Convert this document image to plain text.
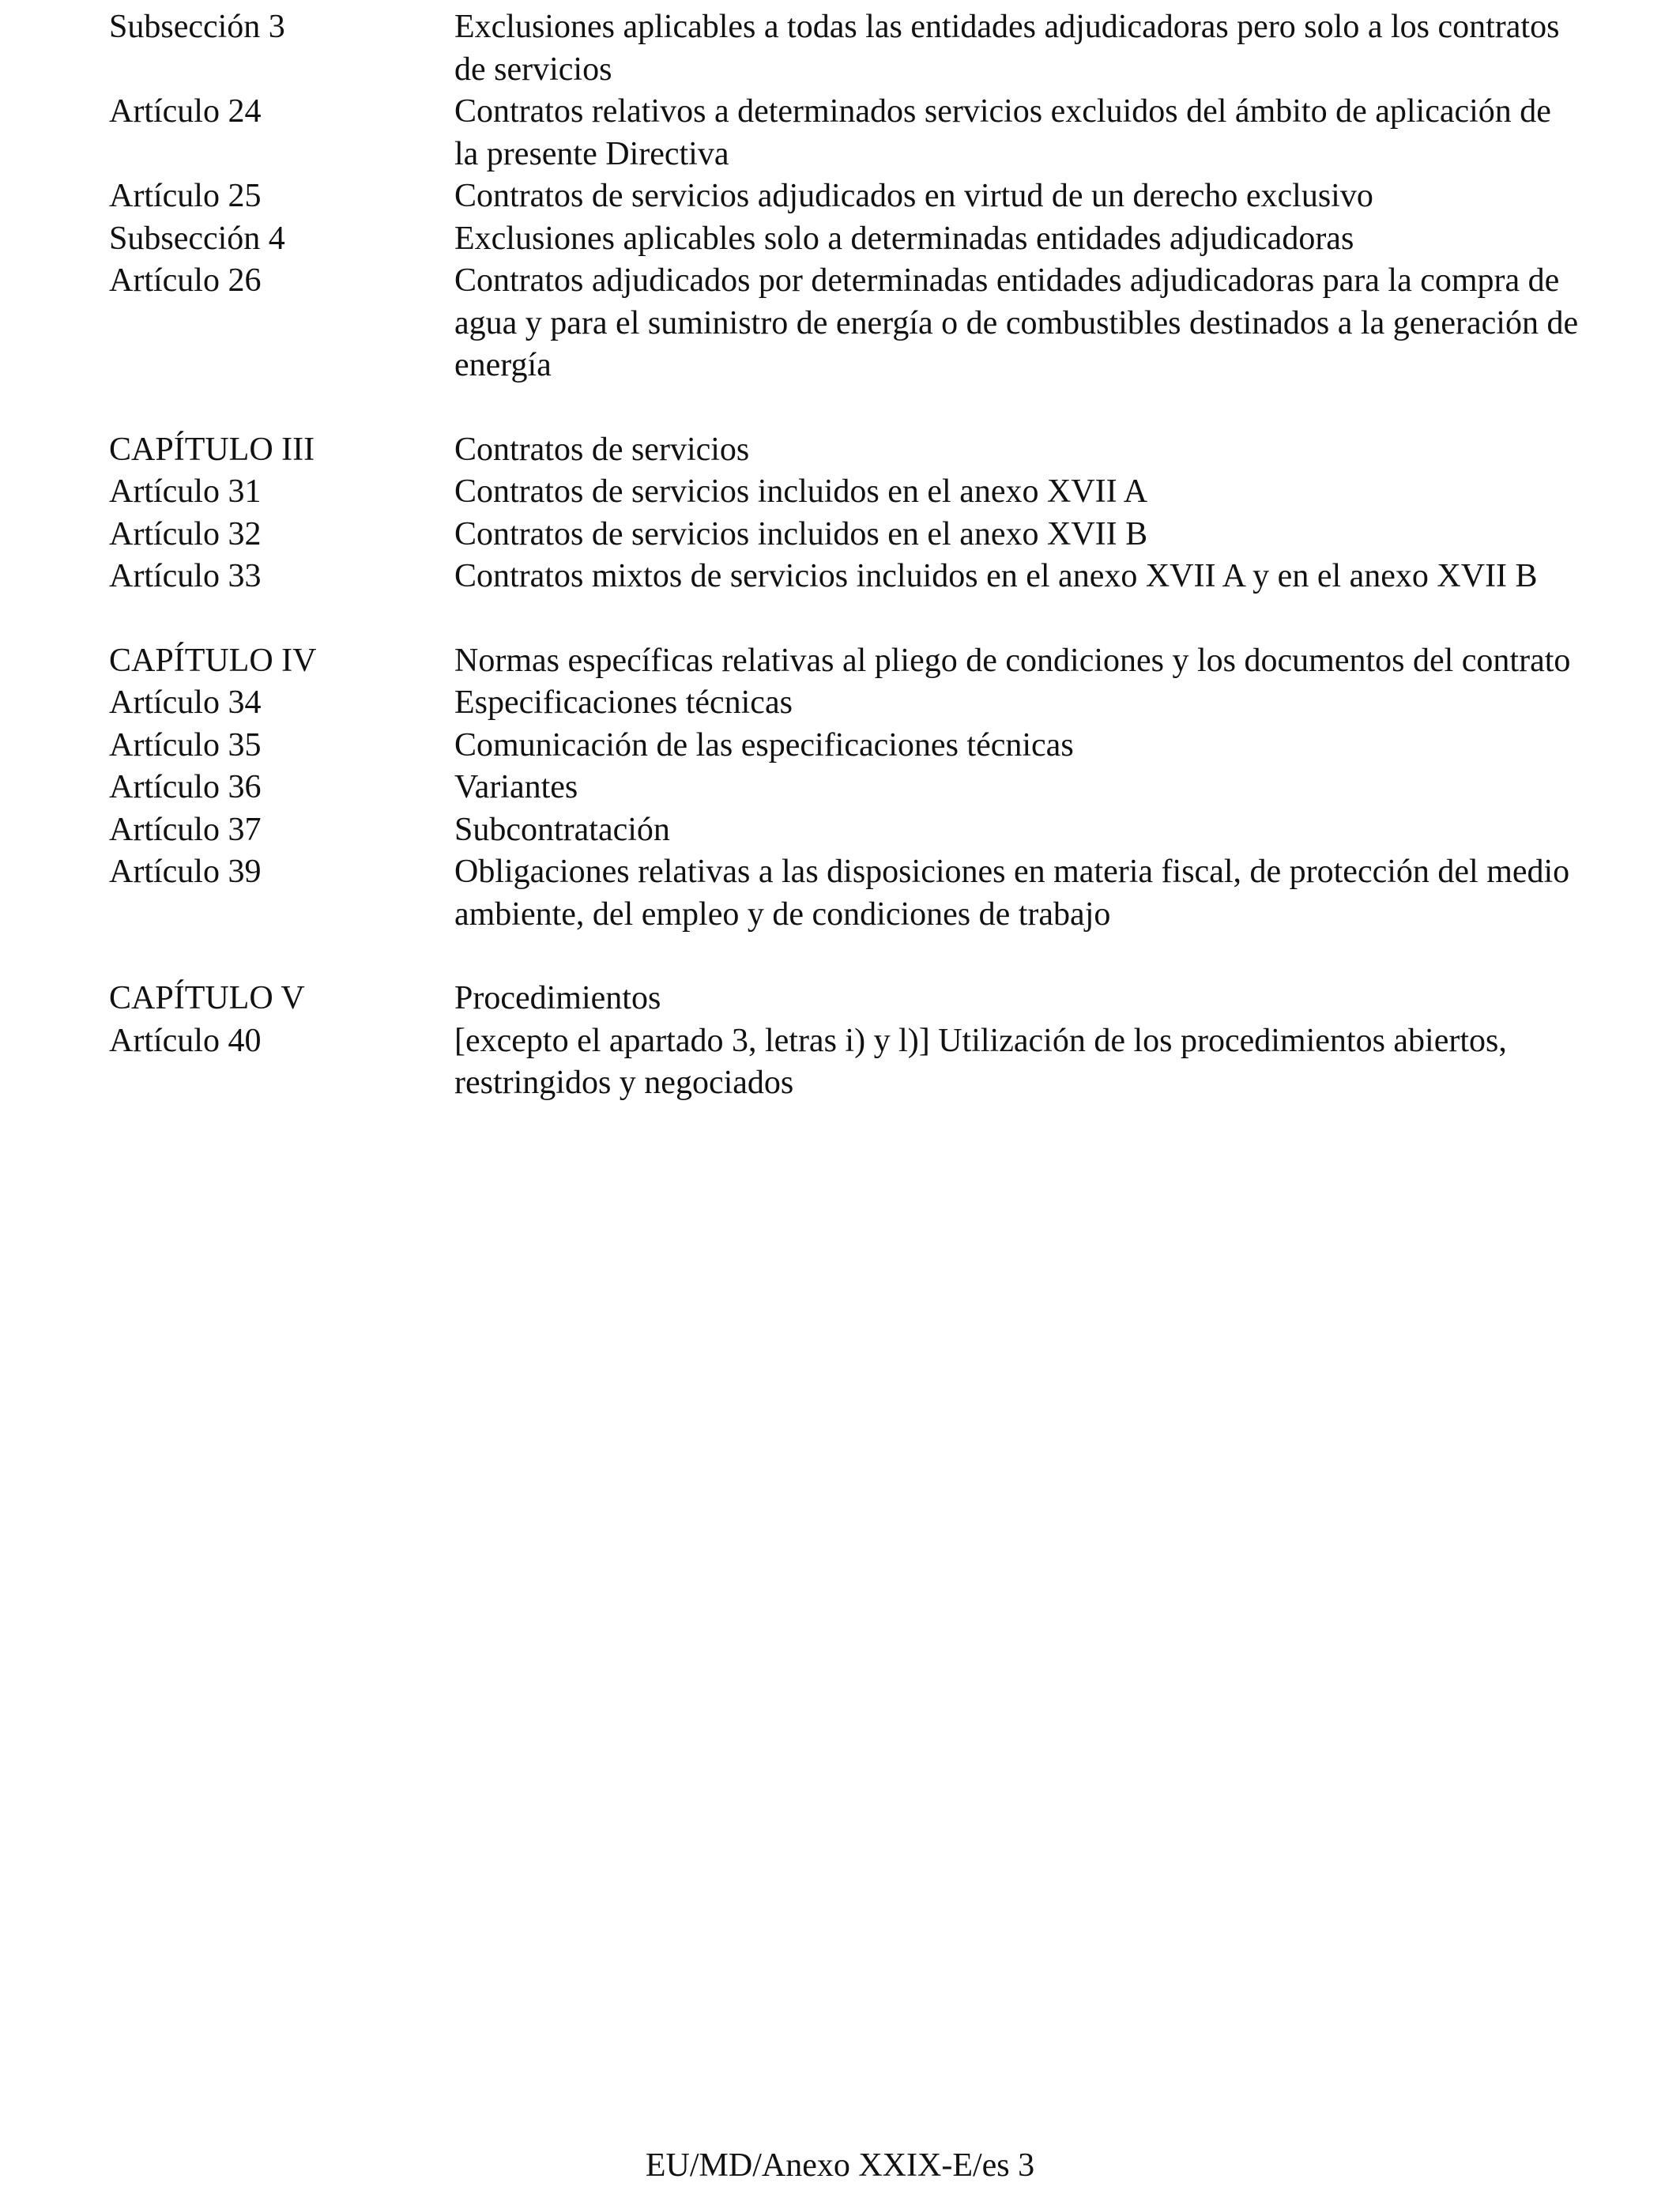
Subsección 3	Exclusiones aplicables a todas las entidades adjudicadoras pero solo a los contratos de servicios
Artículo 24	Contratos relativos a determinados servicios excluidos del ámbito de aplicación de la presente Directiva
Artículo 25	Contratos de servicios adjudicados en virtud de un derecho exclusivo
Subsección 4	Exclusiones aplicables solo a determinadas entidades adjudicadoras
Artículo 26	Contratos adjudicados por determinadas entidades adjudicadoras para la compra de agua y para el suministro de energía o de combustibles destinados a la generación de energía
CAPÍTULO III	Contratos de servicios
Artículo 31	Contratos de servicios incluidos en el anexo XVII A
Artículo 32	Contratos de servicios incluidos en el anexo XVII B
Artículo 33	Contratos mixtos de servicios incluidos en el anexo XVII A y en el anexo XVII B
CAPÍTULO IV	Normas específicas relativas al pliego de condiciones y los documentos del contrato
Artículo 34	Especificaciones técnicas
Artículo 35	Comunicación de las especificaciones técnicas
Artículo 36	Variantes
Artículo 37	Subcontratación
Artículo 39	Obligaciones relativas a las disposiciones en materia fiscal, de protección del medio ambiente, del empleo y de condiciones de trabajo
CAPÍTULO V	Procedimientos
Artículo 40	[excepto el apartado 3, letras i) y l)] Utilización de los procedimientos abiertos, restringidos y negociados
EU/MD/Anexo XXIX-E/es 3
